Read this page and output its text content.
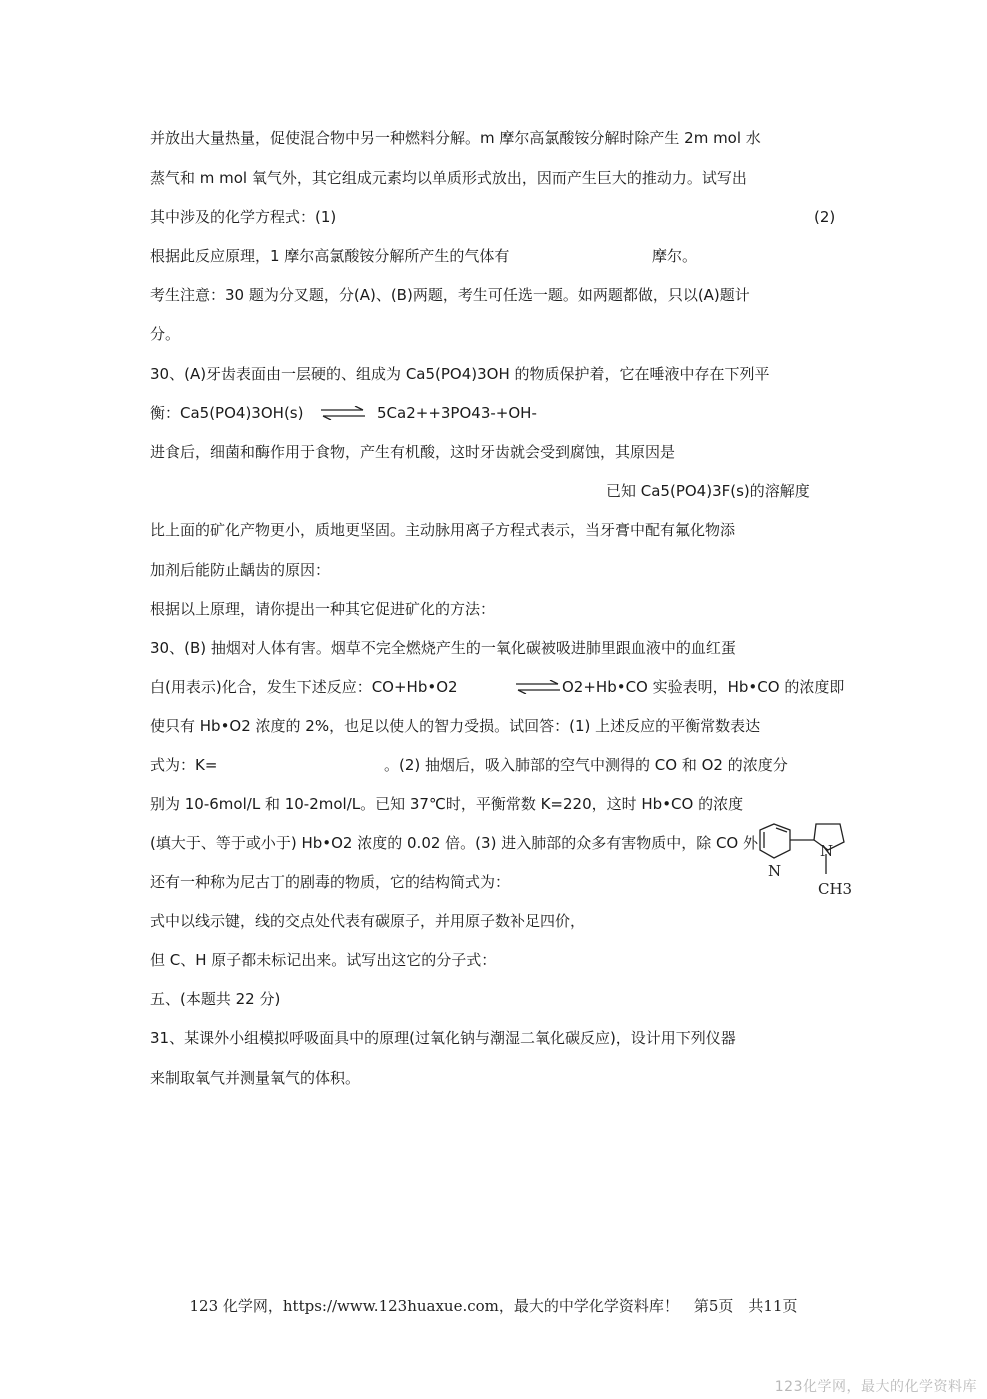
并放出大量热量，促使混合物中另一种燃料分解。m 摩尔高氯酸铵分解时除产生 2m mol 水
蒸气和 m mol 氧气外，其它组成元素均以单质形式放出，因而产生巨大的推动力。试写出
其中涉及的化学方程式：(1)	(2)
根据此反应原理，1 摩尔高氯酸铵分解所产生的气体有	摩尔。
考生注意：30 题为分叉题，分(A)、(B)两题，考生可任选一题。如两题都做，只以(A)题计
分。
30、(A)牙齿表面由一层硬的、组成为 Ca5(PO4)3OH 的物质保护着，它在唾液中存在下列平
衡：Ca5(PO4)3OH(s) ⇌ 5Ca2++3PO43-+OH-
进食后，细菌和酶作用于食物，产生有机酸，这时牙齿就会受到腐蚀，其原因是
已知 Ca5(PO4)3F(s)的溶解度
比上面的矿化产物更小，质地更坚固。主动脉用离子方程式表示，当牙膏中配有氟化物添
加剂后能防止龋齿的原因：
根据以上原理，请你提出一种其它促进矿化的方法：
30、(B) 抽烟对人体有害。烟草不完全燃烧产生的一氧化碳被吸进肺里跟血液中的血红蛋
白(用表示)化合，发生下述反应：CO+Hb•O2	⇌ O2+Hb•CO 实验表明，Hb•CO 的浓度即
使只有 Hb•O2 浓度的 2%，也足以使人的智力受损。试回答：(1) 上述反应的平衡常数表达
式为：K=	。(2) 抽烟后，吸入肺部的空气中测得的 CO 和 O2 的浓度分
别为 10-6mol/L 和 10-2mol/L。已知 37℃时，平衡常数 K=220，这时 Hb•CO 的浓度
(填大于、等于或小于) Hb•O2 浓度的 0.02 倍。(3) 进入肺部的众多有害物质中，除 CO 外
还有一种称为尼古丁的剧毒的物质，它的结构简式为：
式中以线示键，线的交点处代表有碳原子，并用原子数补足四价，
但 C、H 原子都未标记出来。试写出这它的分子式：
五、(本题共 22 分)
31、某课外小组模拟呼吸面具中的原理(过氧化钠与潮湿二氧化碳反应)，设计用下列仪器
来制取氧气并测量氧气的体积。
N
N
CH3
123 化学网，https://www.123huaxue.com，最大的中学化学资料库！　第5页　共11页
123化学网，最大的化学资料库
